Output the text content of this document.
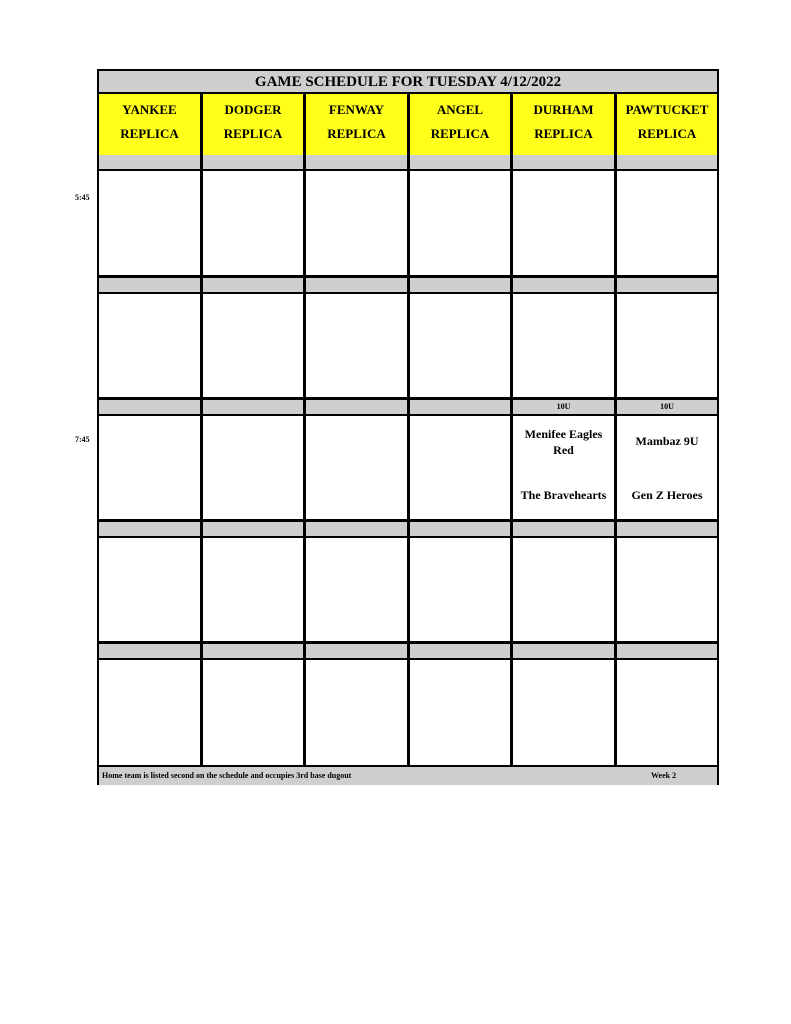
5:45
7:45
GAME SCHEDULE FOR TUESDAY 4/12/2022
YANKEE
REPLICA
DODGER
REPLICA
FENWAY
REPLICA
ANGEL
REPLICA
DURHAM
REPLICA
PAWTUCKET
REPLICA
10U	10U
Menifee Eagles Red
The Bravehearts
Mambaz 9U
Gen Z Heroes
Home team is listed second on the schedule and occupies 3rd base dugout	Week 2
